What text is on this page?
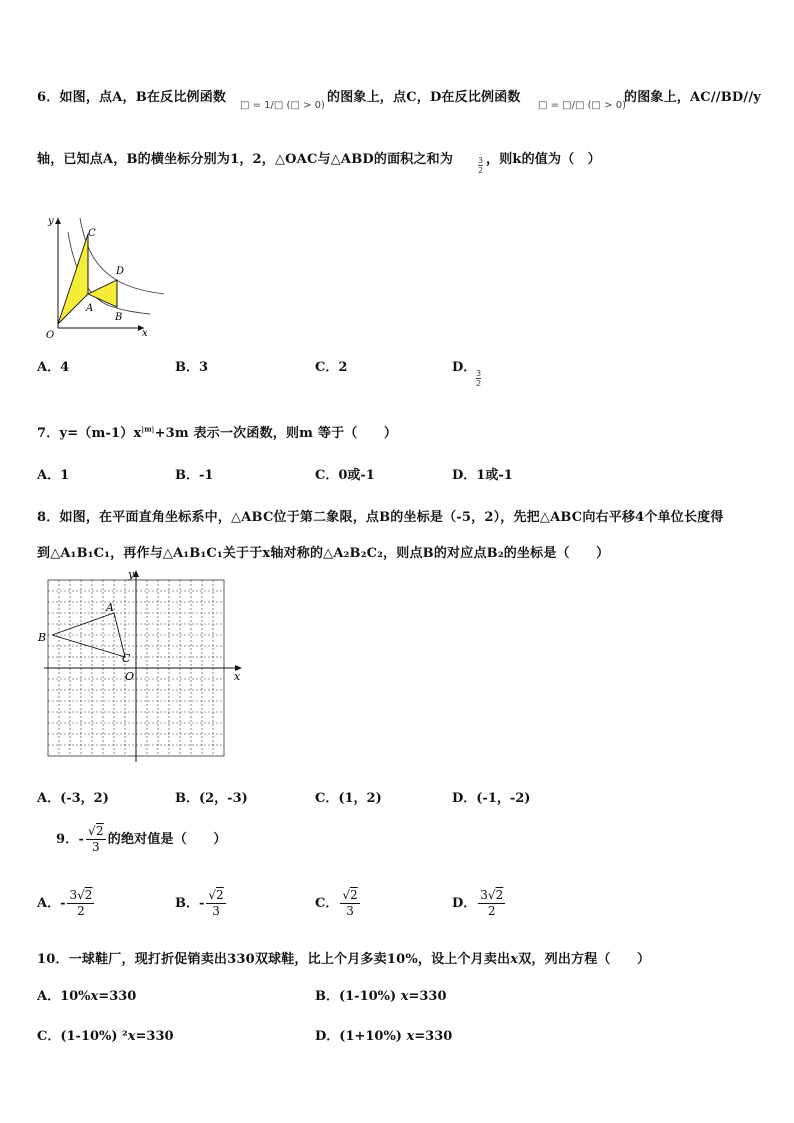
6．如图，点A，B在反比例函数
□ = 1/□ (□ > 0)
的图象上，点C，D在反比例函数
□ = □/□ (□ > 0)
的图象上，AC//BD//y
轴，已知点A，B的横坐标分别为1，2，△OAC与△ABD的面积之和为	$\frac{3}{2}$ ，则k的值为（　）
y
x
O
C
D
A
B
A．4	B．3	C．2	D．
$\frac{3}{2}$
7．$y=(m-1)x^{|m|}+3m$ 表示一次函数，则m 等于（　　）
A．1	B．-1	C．0或-1	D．1或-1
8．如图，在平面直角坐标系中，△ABC位于第二象限，点B的坐标是（-5，2），先把△ABC向右平移4个单位长度得
到△A₁B₁C₁，再作与△A₁B₁C₁关于于x轴对称的△A₂B₂C₂，则点B的对应点B₂的坐标是（　　）
y
x
O
A
B
C
A．(-3，2)	B．(2，-3)	C．(1，2)	D．(-1，-2)
9．- $\frac{√2}{3}$ 的绝对值是（　　）
A．- $\frac{3√2}{2}$	B．- $\frac{√2}{3}$	C． $\frac{√2}{3}$	D． $\frac{3√2}{2}$
10．一球鞋厂，现打折促销卖出330双球鞋，比上个月多卖10%，设上个月卖出x双，列出方程（　　）
A．10%x=330	B．(1-10%) x=330
C．(1-10%) ²x=330	D．(1+10%) x=330
